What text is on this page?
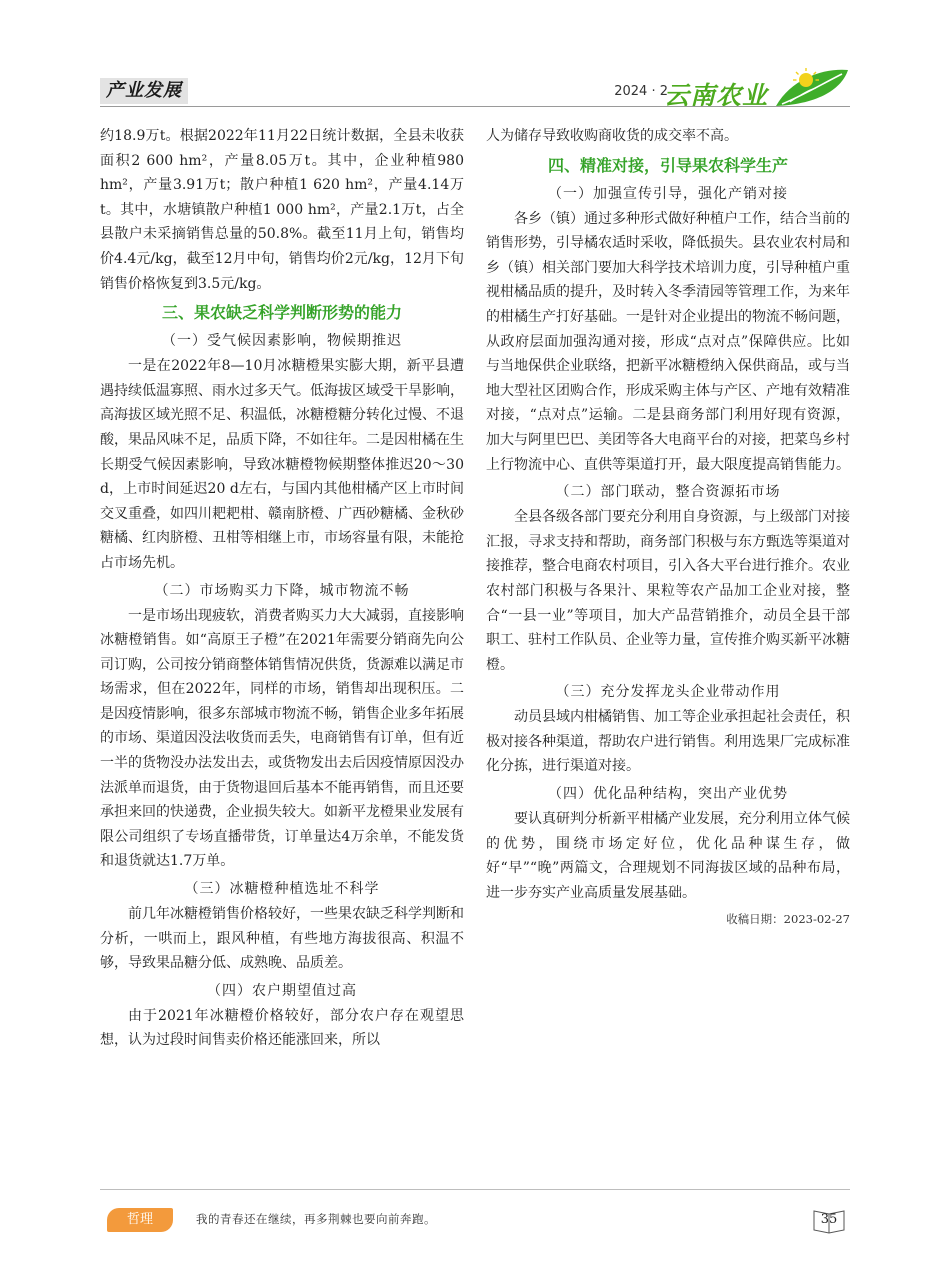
产业发展	2024 · 2
云南农业

约18.9万t。根据2022年11月22日统计数据，全县未收获面积2 600 hm²，产量8.05万t。其中，企业种植980 hm²，产量3.91万t；散户种植1 620 hm²，产量4.14万t。其中，水塘镇散户种植1 000 hm²，产量2.1万t，占全县散户未采摘销售总量的50.8%。截至11月上旬，销售均价4.4元/kg，截至12月中旬，销售均价2元/kg，12月下旬销售价格恢复到3.5元/kg。

三、果农缺乏科学判断形势的能力
（一）受气候因素影响，物候期推迟

一是在2022年8—10月冰糖橙果实膨大期，新平县遭遇持续低温寡照、雨水过多天气。低海拔区域受干旱影响，高海拔区域光照不足、积温低，冰糖橙糖分转化过慢、不退酸，果品风味不足，品质下降，不如往年。二是因柑橘在生长期受气候因素影响，导致冰糖橙物候期整体推迟20～30 d，上市时间延迟20 d左右，与国内其他柑橘产区上市时间交叉重叠，如四川耙耙柑、赣南脐橙、广西砂糖橘、金秋砂糖橘、红肉脐橙、丑柑等相继上市，市场容量有限，未能抢占市场先机。

（二）市场购买力下降，城市物流不畅

一是市场出现疲软，消费者购买力大大减弱，直接影响冰糖橙销售。如“高原王子橙”在2021年需要分销商先向公司订购，公司按分销商整体销售情况供货，货源难以满足市场需求，但在2022年，同样的市场，销售却出现积压。二是因疫情影响，很多东部城市物流不畅，销售企业多年拓展的市场、渠道因没法收货而丢失，电商销售有订单，但有近一半的货物没办法发出去，或货物发出去后因疫情原因没办法派单而退货，由于货物退回后基本不能再销售，而且还要承担来回的快递费，企业损失较大。如新平龙橙果业发展有限公司组织了专场直播带货，订单量达4万余单，不能发货和退货就达1.7万单。

（三）冰糖橙种植选址不科学

前几年冰糖橙销售价格较好，一些果农缺乏科学判断和分析，一哄而上，跟风种植，有些地方海拔很高、积温不够，导致果品糖分低、成熟晚、品质差。

（四）农户期望值过高

由于2021年冰糖橙价格较好，部分农户存在观望思想，认为过段时间售卖价格还能涨回来，所以

人为储存导致收购商收货的成交率不高。

四、精准对接，引导果农科学生产
（一）加强宣传引导，强化产销对接

各乡（镇）通过多种形式做好种植户工作，结合当前的销售形势，引导橘农适时采收，降低损失。县农业农村局和乡（镇）相关部门要加大科学技术培训力度，引导种植户重视柑橘品质的提升，及时转入冬季清园等管理工作，为来年的柑橘生产打好基础。一是针对企业提出的物流不畅问题，从政府层面加强沟通对接，形成“点对点”保障供应。比如与当地保供企业联络，把新平冰糖橙纳入保供商品，或与当地大型社区团购合作，形成采购主体与产区、产地有效精准对接，“点对点”运输。二是县商务部门利用好现有资源，加大与阿里巴巴、美团等各大电商平台的对接，把菜鸟乡村上行物流中心、直供等渠道打开，最大限度提高销售能力。

（二）部门联动，整合资源拓市场

全县各级各部门要充分利用自身资源，与上级部门对接汇报，寻求支持和帮助，商务部门积极与东方甄选等渠道对接推荐，整合电商农村项目，引入各大平台进行推介。农业农村部门积极与各果汁、果粒等农产品加工企业对接，整合“一县一业”等项目，加大产品营销推介，动员全县干部职工、驻村工作队员、企业等力量，宣传推介购买新平冰糖橙。

（三）充分发挥龙头企业带动作用

动员县域内柑橘销售、加工等企业承担起社会责任，积极对接各种渠道，帮助农户进行销售。利用选果厂完成标准化分拣，进行渠道对接。

（四）优化品种结构，突出产业优势

要认真研判分析新平柑橘产业发展，充分利用立体气候的优势，围绕市场定好位，优化品种谋生存，做好“早”“晚”两篇文，合理规划不同海拔区域的品种布局，进一步夯实产业高质量发展基础。

收稿日期：2023-02-27
哲理	我的青春还在继续，再多荆棘也要向前奔跑。	35
